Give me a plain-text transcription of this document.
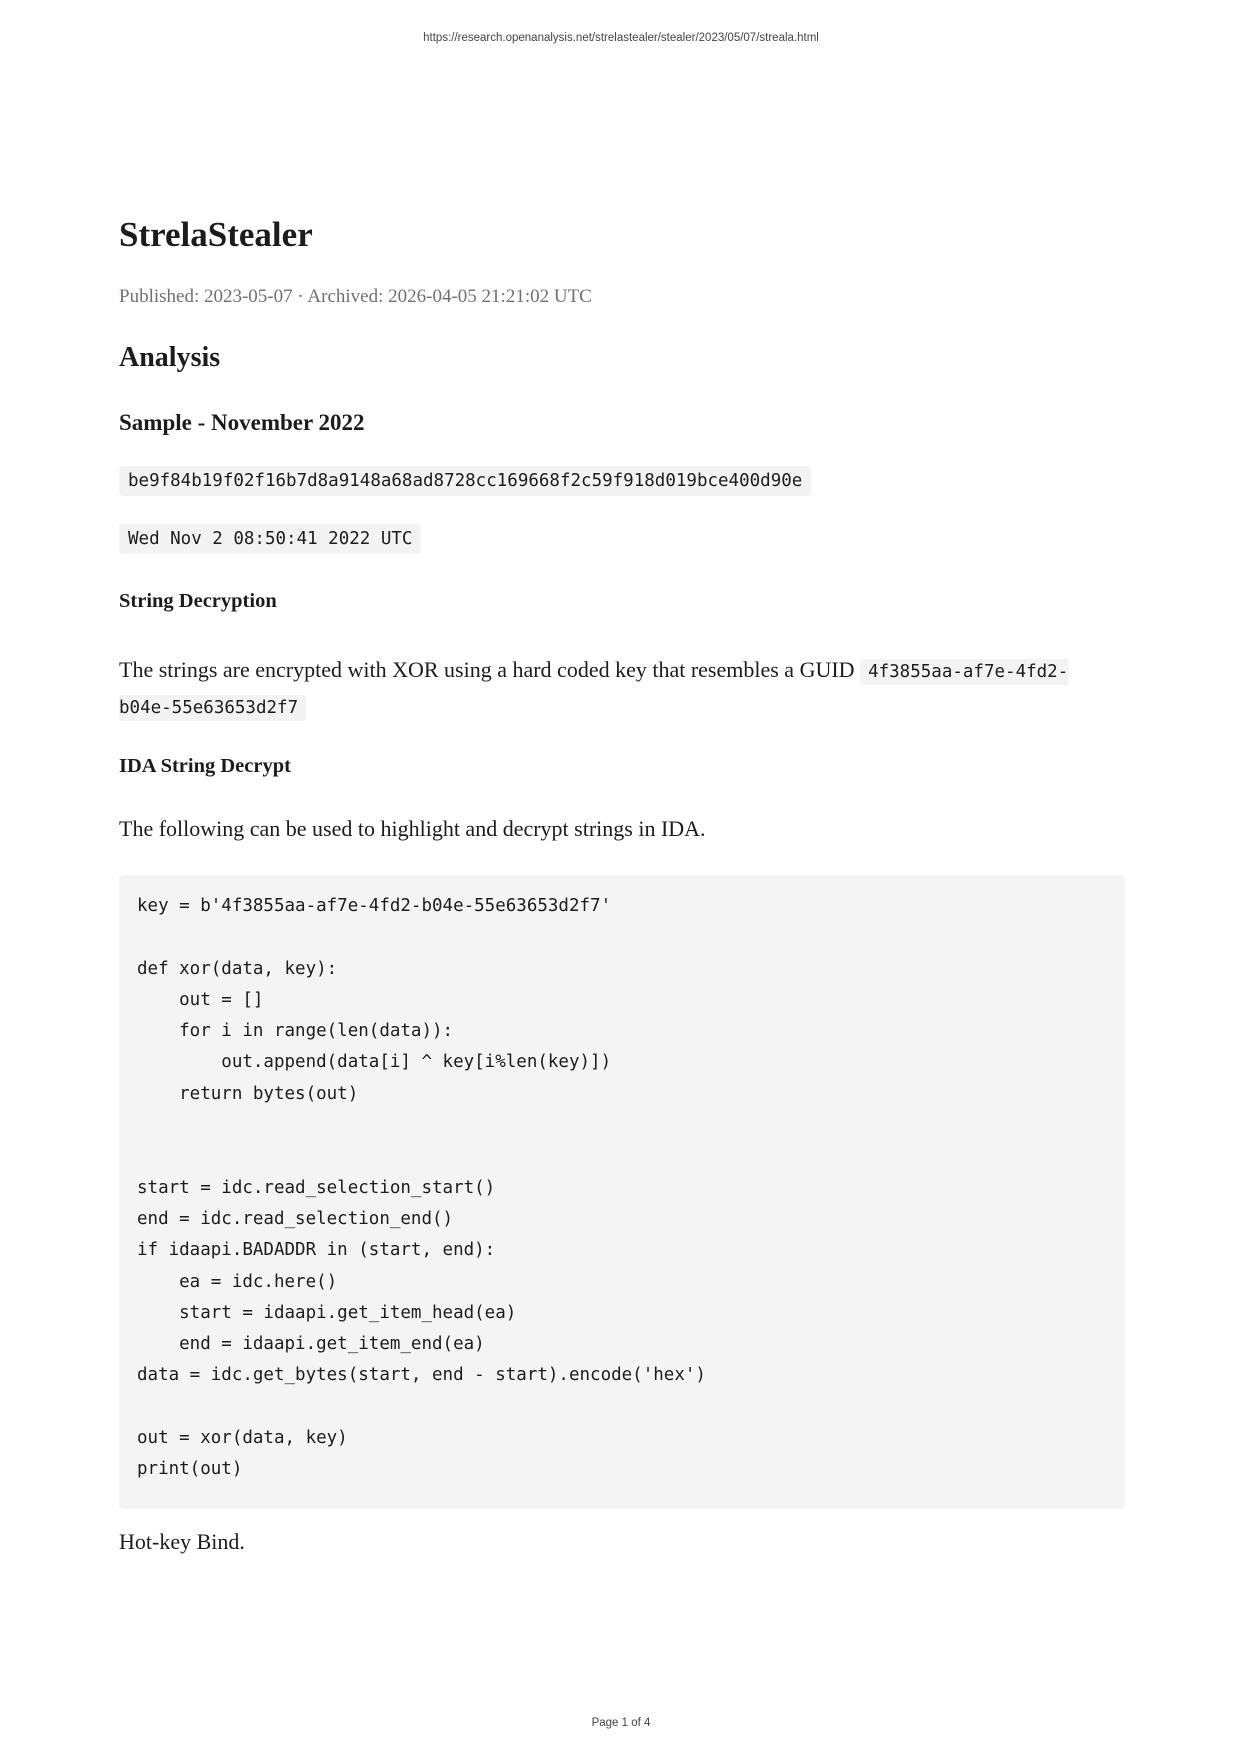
https://research.openanalysis.net/strelastealer/stealer/2023/05/07/streala.html
StrelaStealer

Published: 2023-05-07 · Archived: 2026-04-05 21:21:02 UTC

Analysis
Sample - November 2022
be9f84b19f02f16b7d8a9148a68ad8728cc169668f2c59f918d019bce400d90e
Wed Nov 2 08:50:41 2022 UTC
String Decryption

The strings are encrypted with XOR using a hard coded key that resembles a GUID 4f3855aa-af7e-4fd2-b04e-55e63653d2f7

IDA String Decrypt

The following can be used to highlight and decrypt strings in IDA.

key = b'4f3855aa-af7e-4fd2-b04e-55e63653d2f7'

def xor(data, key):
out = []
for i in range(len(data)):
out.append(data[i] ^ key[i%len(key)])
return bytes(out)

start = idc.read_selection_start()
end = idc.read_selection_end()
if idaapi.BADADDR in (start, end):
ea = idc.here()
start = idaapi.get_item_head(ea)
end = idaapi.get_item_end(ea)
data = idc.get_bytes(start, end - start).encode('hex')

out = xor(data, key)
print(out)

Hot-key Bind.

Page 1 of 4
